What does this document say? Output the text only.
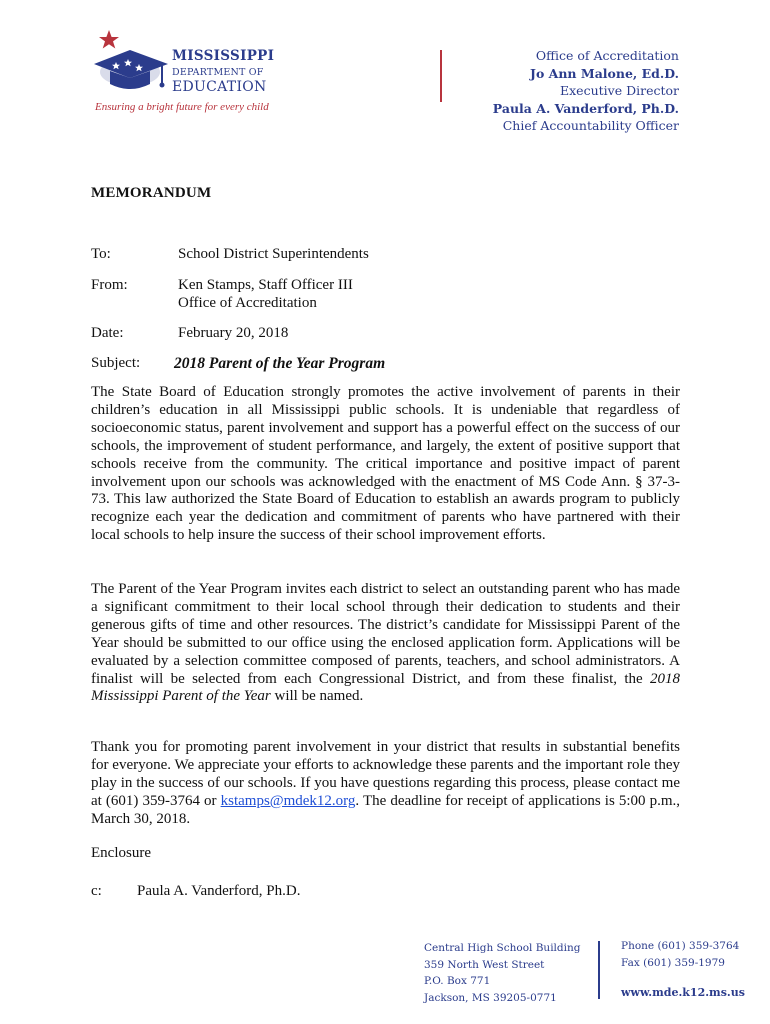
MISSISSIPPI
DEPARTMENT OF
EDUCATION
Ensuring a bright future for every child
Office of Accreditation
Jo Ann Malone, Ed.D.
Executive Director
Paula A. Vanderford, Ph.D.
Chief Accountability Officer
MEMORANDUM
To:	School District Superintendents
From:	Ken Stamps, Staff Officer III
Office of Accreditation
Date:	February 20, 2018
Subject: 2018 Parent of the Year Program
The State Board of Education strongly promotes the active involvement of parents in their children’s education in all Mississippi public schools. It is undeniable that regardless of socioeconomic status, parent involvement and support has a powerful effect on the success of our schools, the improvement of student performance, and largely, the extent of positive support that schools receive from the community. The critical importance and positive impact of parent involvement upon our schools was acknowledged with the enactment of MS Code Ann. § 37-3-73. This law authorized the State Board of Education to establish an awards program to publicly recognize each year the dedication and commitment of parents who have partnered with their local schools to help insure the success of their school improvement efforts.
The Parent of the Year Program invites each district to select an outstanding parent who has made a significant commitment to their local school through their dedication to students and their generous gifts of time and other resources. The district’s candidate for Mississippi Parent of the Year should be submitted to our office using the enclosed application form. Applications will be evaluated by a selection committee composed of parents, teachers, and school administrators. A finalist will be selected from each Congressional District, and from these finalist, the 2018 Mississippi Parent of the Year will be named.
Thank you for promoting parent involvement in your district that results in substantial benefits for everyone. We appreciate your efforts to acknowledge these parents and the important role they play in the success of our schools. If you have questions regarding this process, please contact me at (601) 359-3764 or kstamps@mdek12.org. The deadline for receipt of applications is 5:00 p.m., March 30, 2018.
Enclosure
c: Paula A. Vanderford, Ph.D.
Central High School Building
359 North West Street
P.O. Box 771
Jackson, MS 39205-0771
Phone (601) 359-3764
Fax (601) 359-1979
www.mde.k12.ms.us
